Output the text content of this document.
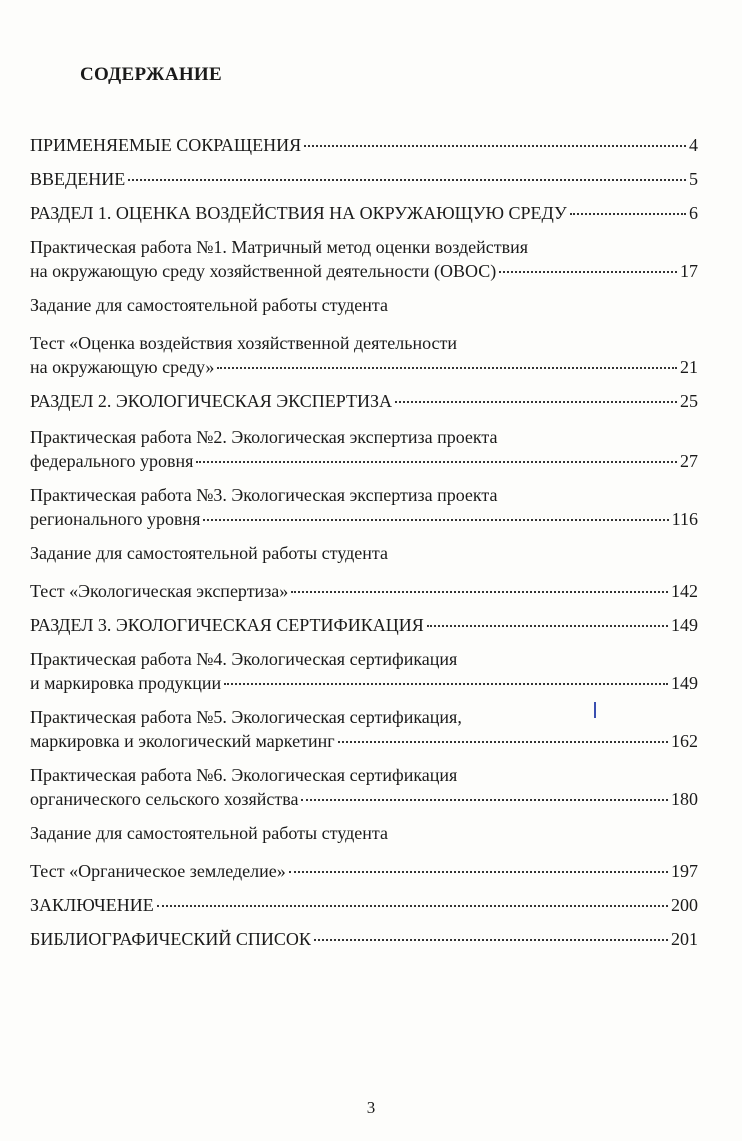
СОДЕРЖАНИЕ
ПРИМЕНЯЕМЫЕ СОКРАЩЕНИЯ	4
ВВЕДЕНИЕ	5
РАЗДЕЛ 1. ОЦЕНКА ВОЗДЕЙСТВИЯ НА ОКРУЖАЮЩУЮ СРЕДУ	6
Практическая работа №1. Матричный метод оценки воздействия
на окружающую среду хозяйственной деятельности (ОВОС)	17
Задание для самостоятельной работы студента
Тест «Оценка воздействия хозяйственной деятельности
на окружающую среду»	21
РАЗДЕЛ 2. ЭКОЛОГИЧЕСКАЯ ЭКСПЕРТИЗА	25
Практическая работа №2. Экологическая экспертиза проекта
федерального уровня	27
Практическая работа №3. Экологическая экспертиза проекта
регионального уровня	116
Задание для самостоятельной работы студента
Тест «Экологическая экспертиза»	142
РАЗДЕЛ 3. ЭКОЛОГИЧЕСКАЯ СЕРТИФИКАЦИЯ	149
Практическая работа №4. Экологическая сертификация
и маркировка продукции	149
Практическая работа №5. Экологическая сертификация,
маркировка и экологический маркетинг	162
Практическая работа №6. Экологическая сертификация
органического сельского хозяйства	180
Задание для самостоятельной работы студента
Тест «Органическое земледелие»	197
ЗАКЛЮЧЕНИЕ	200
БИБЛИОГРАФИЧЕСКИЙ СПИСОК	201
3
